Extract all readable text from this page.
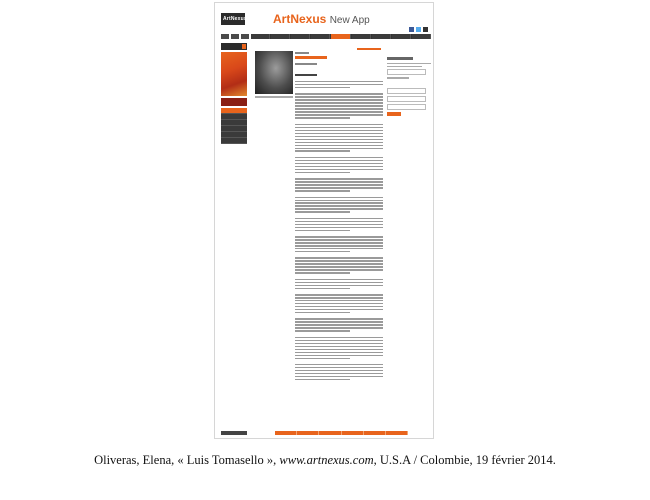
ArtNexus ArtNexus New App
Oliveras, Elena, « Luis Tomasello », www.artnexus.com, U.S.A / Colombie, 19 février 2014.
